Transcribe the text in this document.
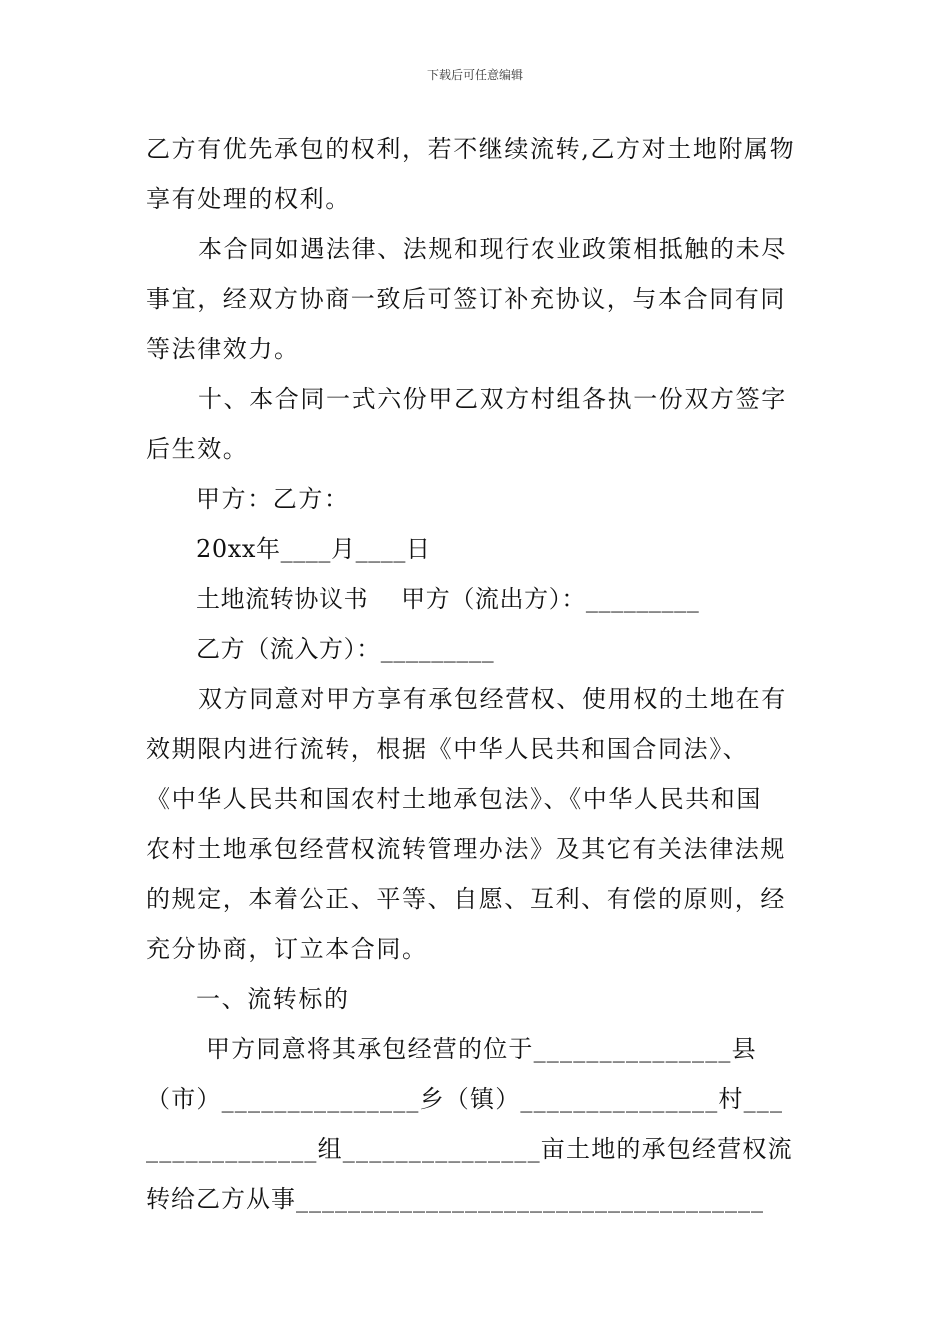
下载后可任意编辑
乙方有优先承包的权利，若不继续流转,乙方对土地附属物
享有处理的权利。
本合同如遇法律、法规和现行农业政策相抵触的未尽
事宜，经双方协商一致后可签订补充协议，与本合同有同
等法律效力。
十、本合同一式六份甲乙双方村组各执一份双方签字
后生效。
甲方：乙方：
20xx年____月____日
土地流转协议书    甲方（流出方）：_________
乙方（流入方）：_________
双方同意对甲方享有承包经营权、使用权的土地在有
效期限内进行流转，根据《中华人民共和国合同法》、
《中华人民共和国农村土地承包法》、《中华人民共和国
农村土地承包经营权流转管理办法》及其它有关法律法规
的规定，本着公正、平等、自愿、互利、有偿的原则，经
充分协商，订立本合同。
一、流转标的
甲方同意将其承包经营的位于_______________县
（市）_______________乡（镇）_______________村___
_____________组_______________亩土地的承包经营权流
转给乙方从事____________________________________
